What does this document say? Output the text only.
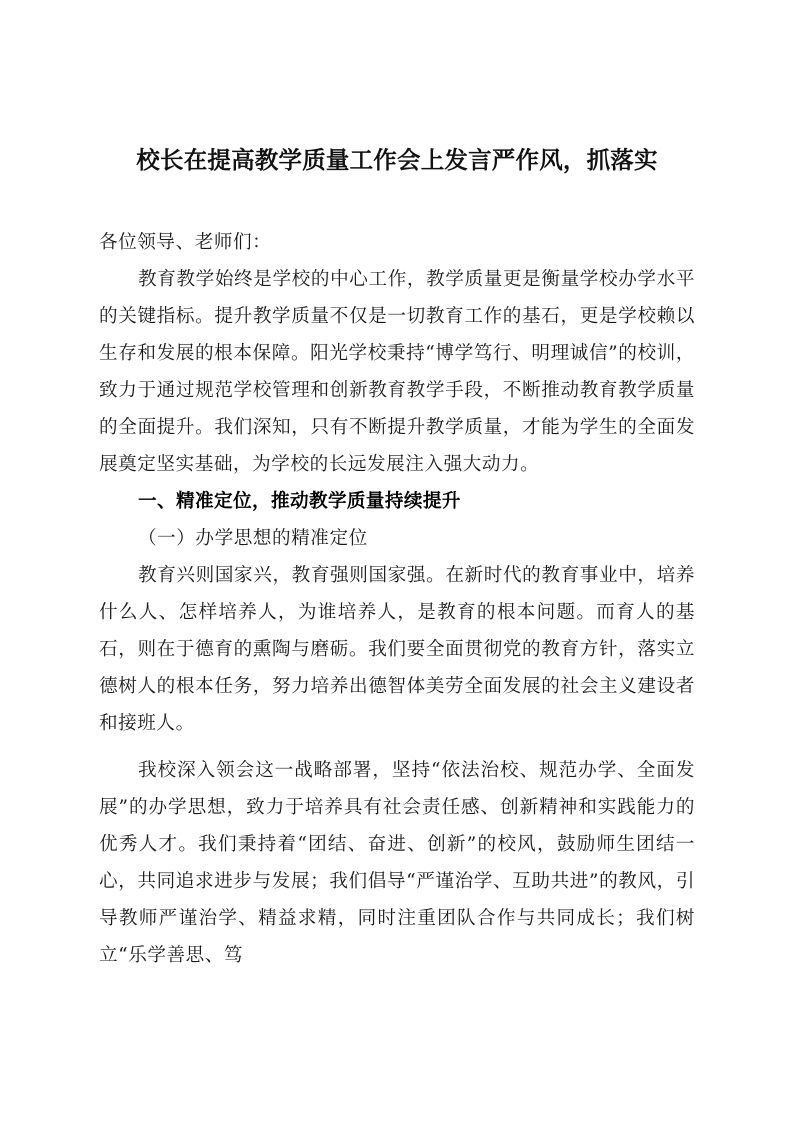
校长在提高教学质量工作会上发言严作风，抓落实

各位领导、老师们：

教育教学始终是学校的中心工作，教学质量更是衡量学校办学水平的关键指标。提升教学质量不仅是一切教育工作的基石，更是学校赖以生存和发展的根本保障。阳光学校秉持“博学笃行、明理诚信”的校训，致力于通过规范学校管理和创新教育教学手段，不断推动教育教学质量的全面提升。我们深知，只有不断提升教学质量，才能为学生的全面发展奠定坚实基础，为学校的长远发展注入强大动力。

一、精准定位，推动教学质量持续提升

（一）办学思想的精准定位

教育兴则国家兴，教育强则国家强。在新时代的教育事业中，培养什么人、怎样培养人，为谁培养人，是教育的根本问题。而育人的基石，则在于德育的熏陶与磨砺。我们要全面贯彻党的教育方针，落实立德树人的根本任务，努力培养出德智体美劳全面发展的社会主义建设者和接班人。

我校深入领会这一战略部署，坚持“依法治校、规范办学、全面发展”的办学思想，致力于培养具有社会责任感、创新精神和实践能力的优秀人才。我们秉持着“团结、奋进、创新”的校风，鼓励师生团结一心，共同追求进步与发展；我们倡导“严谨治学、互助共进”的教风，引导教师严谨治学、精益求精，同时注重团队合作与共同成长；我们树立“乐学善思、笃
